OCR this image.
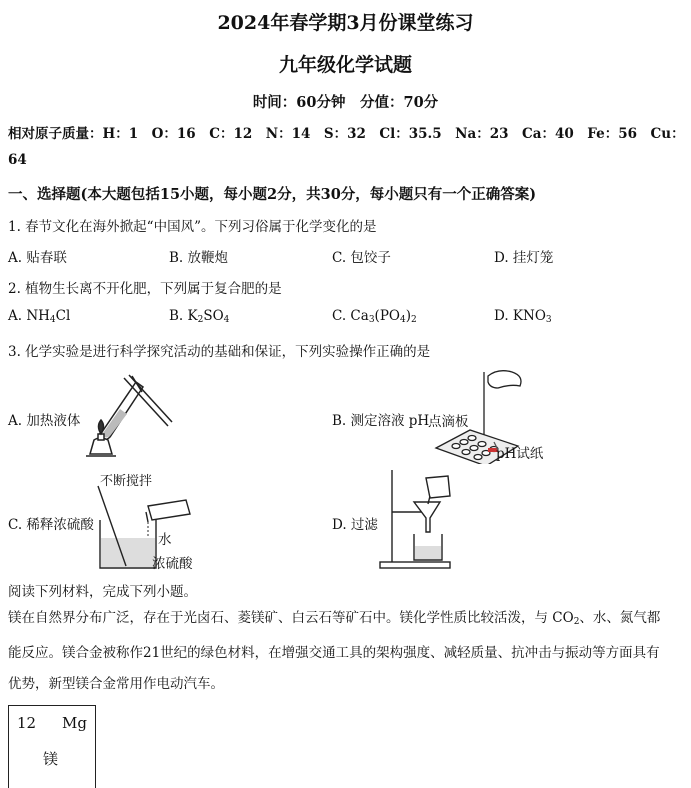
2024年春学期3月份课堂练习
九年级化学试题
时间：60分钟　分值：70分
相对原子质量：H：1　O：16　C：12　N：14　S：32　Cl：35.5　Na：23　Ca：40　Fe：56　Cu：
64
一、选择题(本大题包括15小题，每小题2分，共30分，每小题只有一个正确答案)
1. 春节文化在海外掀起“中国风”。下列习俗属于化学变化的是
A. 贴春联	B. 放鞭炮	C. 包饺子	D. 挂灯笼
2. 植物生长离不开化肥，下列属于复合肥的是
A. $NH_4Cl$	B. $K_2SO_4$	C. $Ca_3(PO_4)_2$	D. $KNO_3$
3. 化学实验是进行科学探究活动的基础和保证，下列实验操作正确的是
A. 加热液体	B. 测定溶液 pH
C. 稀释浓硫酸	D. 过滤
点滴板
pH试纸
不断搅拌
水
浓硫酸
阅读下列材料，完成下列小题。
镁在自然界分布广泛，存在于光卤石、菱镁矿、白云石等矿石中。镁化学性质比较活泼，与 $CO_2$、水、氮气都能反应。镁合金被称作21世纪的绿色材料，在增强交通工具的架构强度、减轻质量、抗冲击与振动等方面具有优势，新型镁合金常用作电动汽车。
12 Mg
镁
